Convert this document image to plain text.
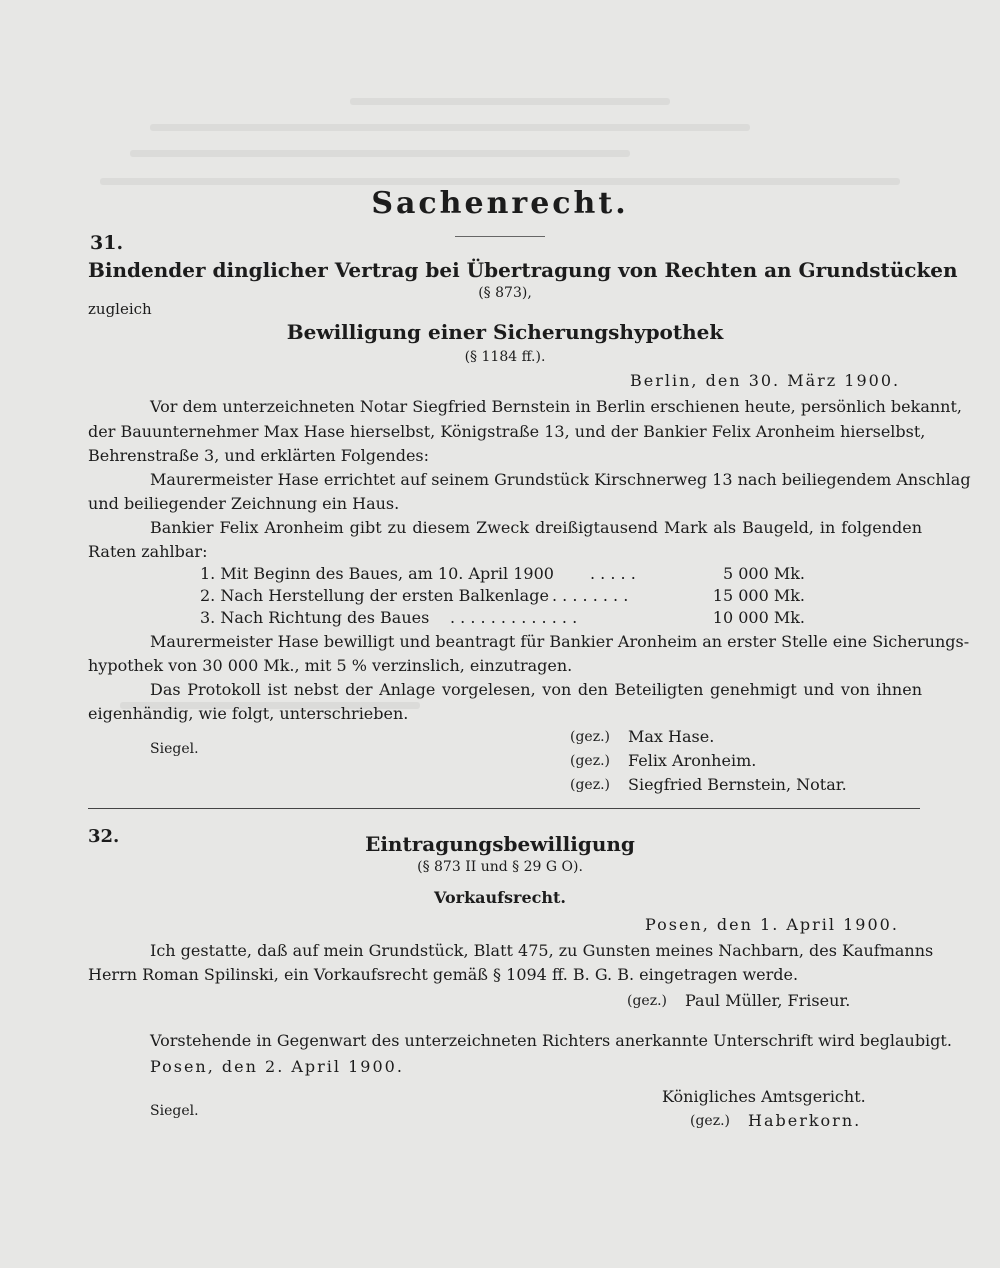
Sachenrecht.
31.
Bindender dinglicher Vertrag bei Übertragung von Rechten an Grundstücken
(§ 873),
zugleich
Bewilligung einer Sicherungshypothek
(§ 1184 ff.).
Berlin, den 30. März 1900.
Vor dem unterzeichneten Notar Siegfried Bernstein in Berlin erschienen heute, persönlich bekannt,
der Bauunternehmer Max Hase hierselbst, Königstraße 13, und der Bankier Felix Aronheim hierselbst,
Behrenstraße 3, und erklärten Folgendes:
Maurermeister Hase errichtet auf seinem Grundstück Kirschnerweg 13 nach beiliegendem Anschlag
und beiliegender Zeichnung ein Haus.
Bankier Felix Aronheim gibt zu diesem Zweck dreißigtausend Mark als Baugeld, in folgenden
Raten zahlbar:
1. Mit Beginn des Baues, am 10. April 1900 . . . . .	5 000 Mk.
2. Nach Herstellung der ersten Balkenlage . . . . . . . .	15 000 Mk.
3. Nach Richtung des Baues . . . . . . . . . . . . .	10 000 Mk.
Maurermeister Hase bewilligt und beantragt für Bankier Aronheim an erster Stelle eine Sicherungs-
hypothek von 30 000 Mk., mit 5 % verzinslich, einzutragen.
Das Protokoll ist nebst der Anlage vorgelesen, von den Beteiligten genehmigt und von ihnen
eigenhändig, wie folgt, unterschrieben.
Siegel.
(gez.) Max Hase.
(gez.) Felix Aronheim.
(gez.) Siegfried Bernstein, Notar.
32.	Eintragungsbewilligung
(§ 873 II und § 29 G O).
Vorkaufsrecht.
Posen, den 1. April 1900.
Ich gestatte, daß auf mein Grundstück, Blatt 475, zu Gunsten meines Nachbarn, des Kaufmanns
Herrn Roman Spilinski, ein Vorkaufsrecht gemäß § 1094 ff. B. G. B. eingetragen werde.
(gez.) Paul Müller, Friseur.
Vorstehende in Gegenwart des unterzeichneten Richters anerkannte Unterschrift wird beglaubigt.
Posen, den 2. April 1900.
Siegel.
Königliches Amtsgericht.
(gez.) Haberkorn.
